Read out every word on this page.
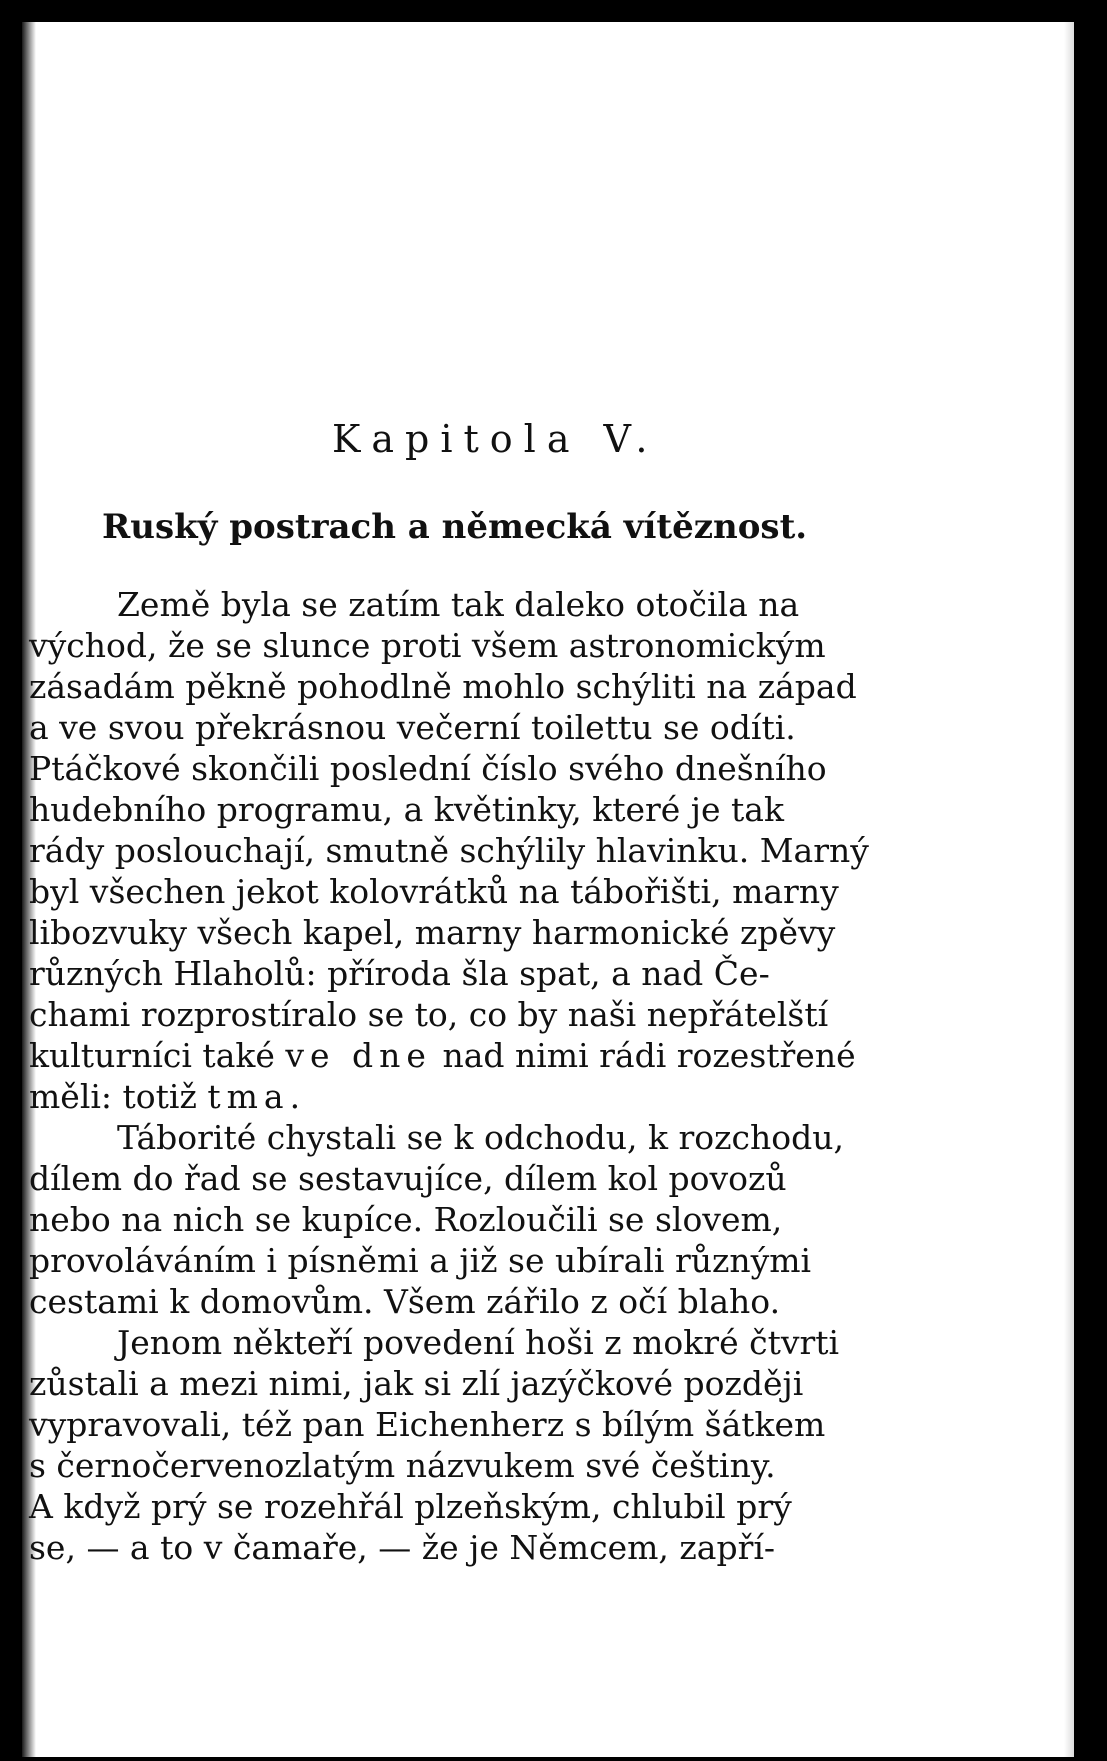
Kapitola V.
Ruský postrach a německá vítěznost.
Země byla se zatím tak daleko otočila na
východ, že se slunce proti všem astronomickým
zásadám pěkně pohodlně mohlo schýliti na západ
a ve svou překrásnou večerní toilettu se odíti.
Ptáčkové skončili poslední číslo svého dnešního
hudebního programu, a květinky, které je tak
rády poslouchají, smutně schýlily hlavinku. Marný
byl všechen jekot kolovrátků na tábořišti, marny
libozvuky všech kapel, marny harmonické zpěvy
různých Hlaholů: příroda šla spat, a nad Če-
chami rozprostíralo se to, co by naši nepřátelští
kulturníci také ve dne nad nimi rádi rozestřené
měli: totiž tma.
Táborité chystali se k odchodu, k rozchodu,
dílem do řad se sestavujíce, dílem kol povozů
nebo na nich se kupíce. Rozloučili se slovem,
provoláváním i písněmi a již se ubírali různými
cestami k domovům. Všem zářilo z očí blaho.
Jenom někteří povedení hoši z mokré čtvrti
zůstali a mezi nimi, jak si zlí jazýčkové později
vypravovali, též pan Eichenherz s bílým šátkem
s černočervenozlatým názvukem své češtiny.
A když prý se rozehřál plzeňským, chlubil prý
se, — a to v čamaře, — že je Němcem, zapří-
